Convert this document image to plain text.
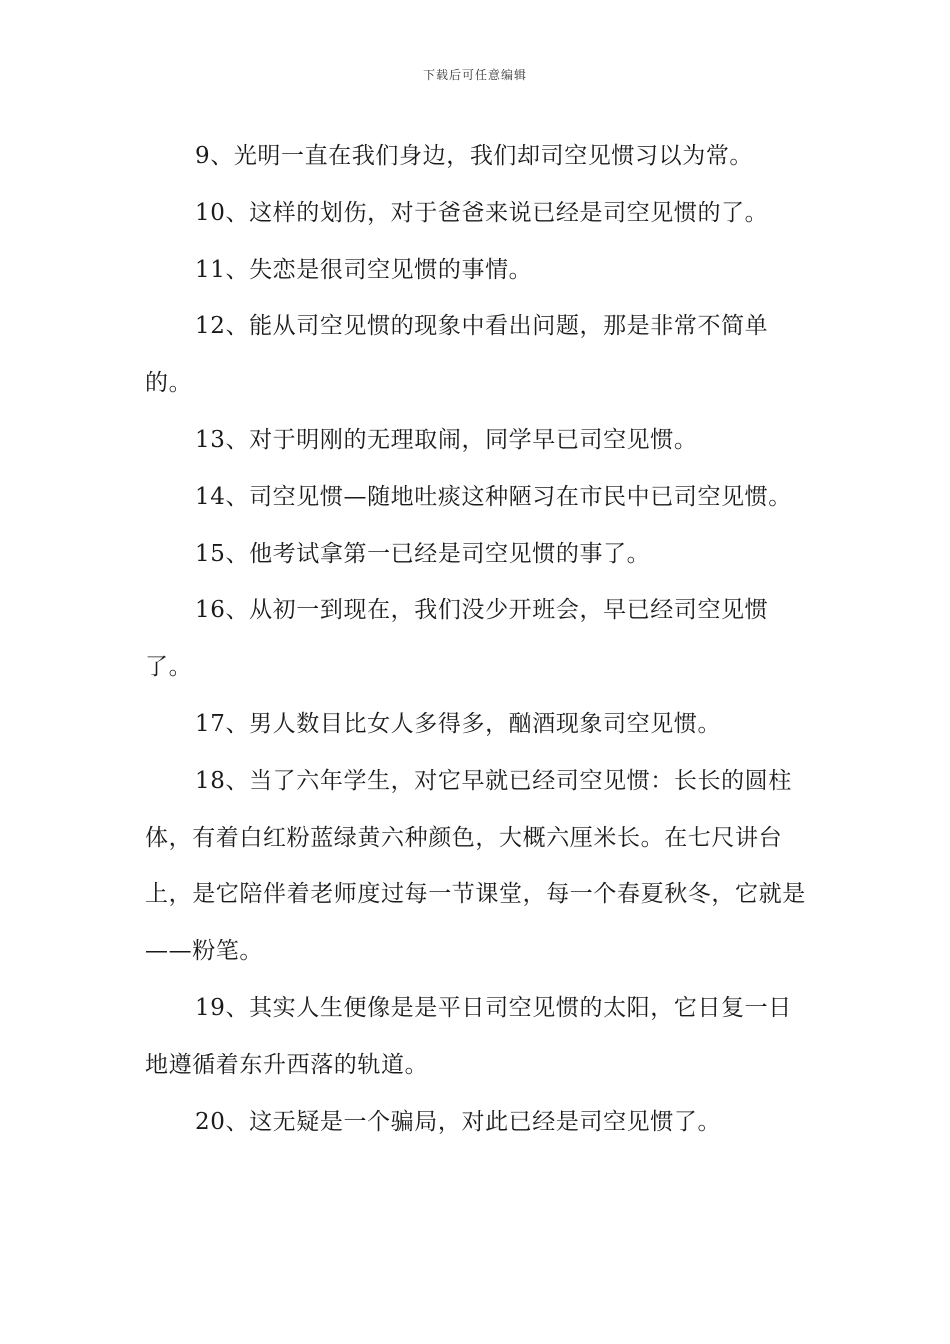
下载后可任意编辑

9、光明一直在我们身边，我们却司空见惯习以为常。

10、这样的划伤，对于爸爸来说已经是司空见惯的了。

11、失恋是很司空见惯的事情。

12、能从司空见惯的现象中看出问题，那是非常不简单的。

13、对于明刚的无理取闹，同学早已司空见惯。

14、司空见惯—随地吐痰这种陋习在市民中已司空见惯。

15、他考试拿第一已经是司空见惯的事了。

16、从初一到现在，我们没少开班会，早已经司空见惯了。

17、男人数目比女人多得多，酗酒现象司空见惯。

18、当了六年学生，对它早就已经司空见惯：长长的圆柱体，有着白红粉蓝绿黄六种颜色，大概六厘米长。在七尺讲台上，是它陪伴着老师度过每一节课堂，每一个春夏秋冬，它就是——粉笔。

19、其实人生便像是是平日司空见惯的太阳，它日复一日地遵循着东升西落的轨道。

20、这无疑是一个骗局，对此已经是司空见惯了。
